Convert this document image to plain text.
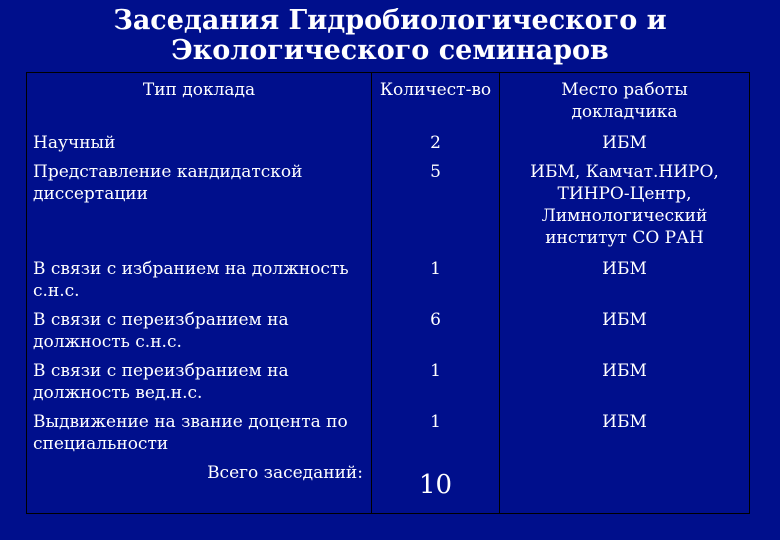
Заседания Гидробиологического и Экологического семинаров
Тип доклада	Количест-во	Место работы докладчика
Научный	2	ИБМ
Представление кандидатской диссертации	5	ИБМ, Камчат.НИРО, ТИНРО-Центр, Лимнологический институт СО РАН
В связи с избранием на должность с.н.с.	1	ИБМ
В связи с переизбранием на должность с.н.с.	6	ИБМ
В связи с переизбранием на должность вед.н.с.	1	ИБМ
Выдвижение на звание доцента по специальности	1	ИБМ
Всего заседаний:	10	
